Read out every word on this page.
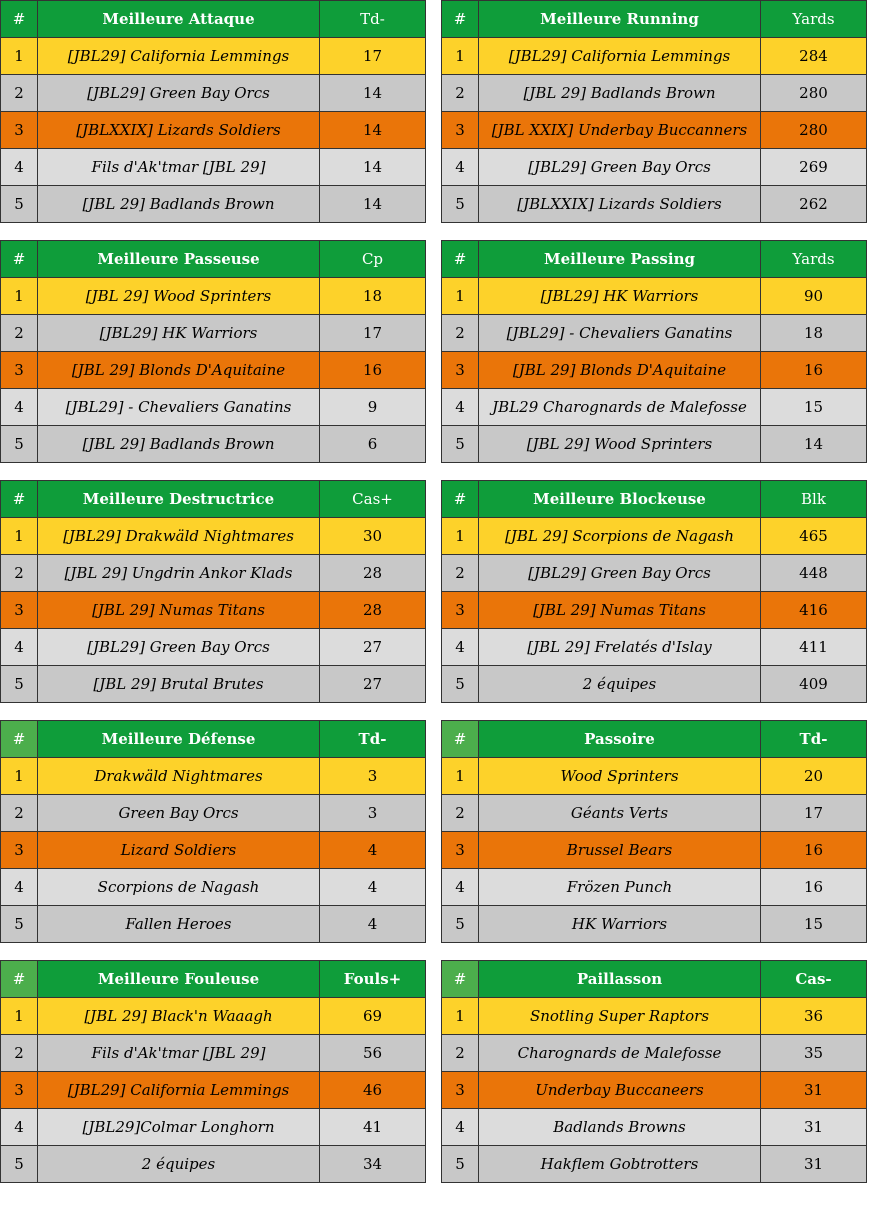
#	Meilleure Attaque	Td-
1	[JBL29] California Lemmings	17
2	[JBL29] Green Bay Orcs	14
3	[JBLXXIX] Lizards Soldiers	14
4	Fils d'Ak'tmar [JBL 29]	14
5	[JBL 29] Badlands Brown	14
#	Meilleure Running	Yards
1	[JBL29] California Lemmings	284
2	[JBL 29] Badlands Brown	280
3	[JBL XXIX] Underbay Buccanners	280
4	[JBL29] Green Bay Orcs	269
5	[JBLXXIX] Lizards Soldiers	262
#	Meilleure Passeuse	Cp
1	[JBL 29] Wood Sprinters	18
2	[JBL29] HK Warriors	17
3	[JBL 29] Blonds D'Aquitaine	16
4	[JBL29] - Chevaliers Ganatins	9
5	[JBL 29] Badlands Brown	6
#	Meilleure Passing	Yards
1	[JBL29] HK Warriors	90
2	[JBL29] - Chevaliers Ganatins	18
3	[JBL 29] Blonds D'Aquitaine	16
4	JBL29 Charognards de Malefosse	15
5	[JBL 29] Wood Sprinters	14
#	Meilleure Destructrice	Cas+
1	[JBL29] Drakwäld Nightmares	30
2	[JBL 29] Ungdrin Ankor Klads	28
3	[JBL 29] Numas Titans	28
4	[JBL29] Green Bay Orcs	27
5	[JBL 29] Brutal Brutes	27
#	Meilleure Blockeuse	Blk
1	[JBL 29] Scorpions de Nagash	465
2	[JBL29] Green Bay Orcs	448
3	[JBL 29] Numas Titans	416
4	[JBL 29] Frelatés d'Islay	411
5	2 équipes	409
#	Meilleure Défense	Td-
1	Drakwäld Nightmares	3
2	Green Bay Orcs	3
3	Lizard Soldiers	4
4	Scorpions de Nagash	4
5	Fallen Heroes	4
#	Passoire	Td-
1	Wood Sprinters	20
2	Géants Verts	17
3	Brussel Bears	16
4	Frözen Punch	16
5	HK Warriors	15
#	Meilleure Fouleuse	Fouls+
1	[JBL 29] Black'n Waaagh	69
2	Fils d'Ak'tmar [JBL 29]	56
3	[JBL29] California Lemmings	46
4	[JBL29]Colmar Longhorn	41
5	2 équipes	34
#	Paillasson	Cas-
1	Snotling Super Raptors	36
2	Charognards de Malefosse	35
3	Underbay Buccaneers	31
4	Badlands Browns	31
5	Hakflem Gobtrotters	31
